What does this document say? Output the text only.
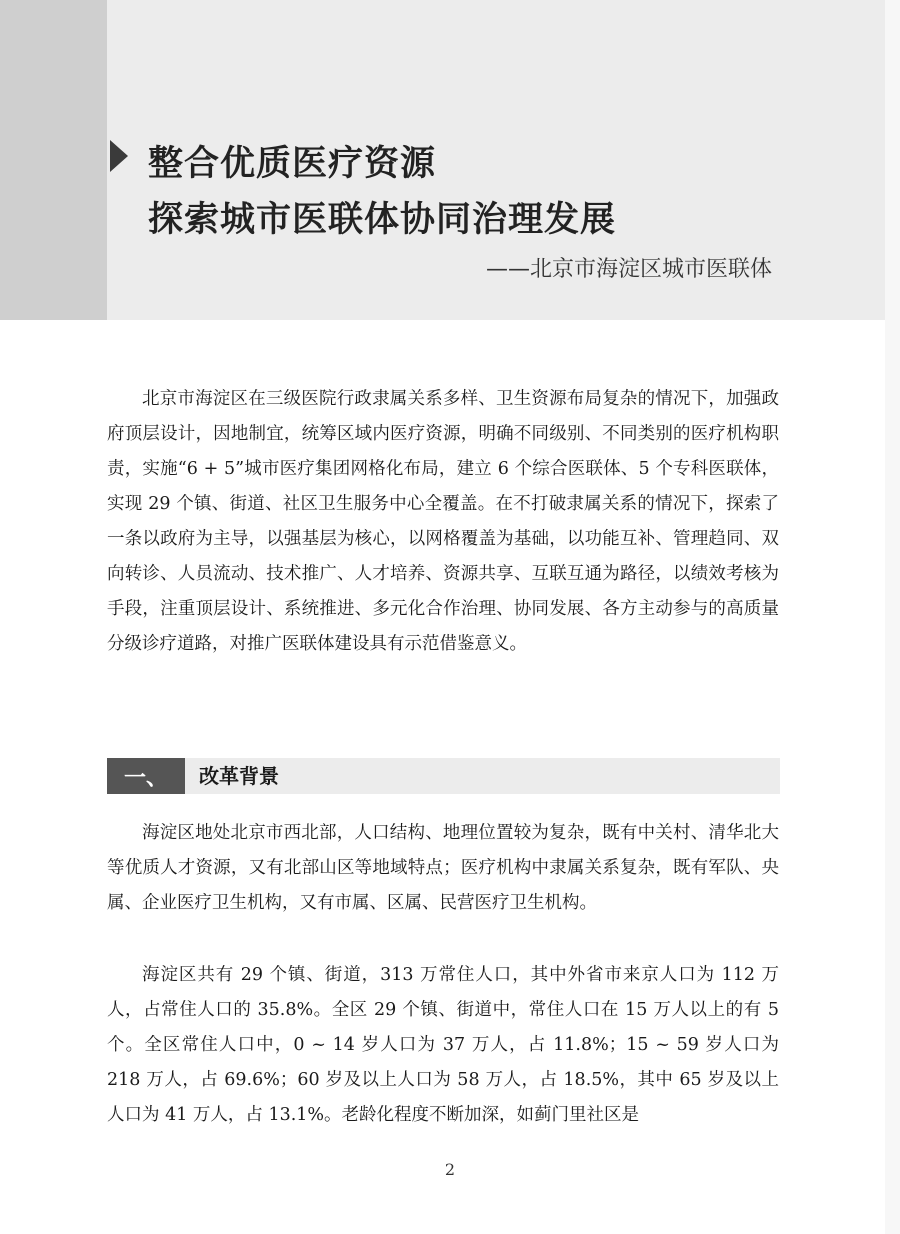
整合优质医疗资源
探索城市医联体协同治理发展
——北京市海淀区城市医联体

北京市海淀区在三级医院行政隶属关系多样、卫生资源布局复杂的情况下，加强政府顶层设计，因地制宜，统筹区域内医疗资源，明确不同级别、不同类别的医疗机构职责，实施“6 + 5”城市医疗集团网格化布局，建立 6 个综合医联体、5 个专科医联体，实现 29 个镇、街道、社区卫生服务中心全覆盖。在不打破隶属关系的情况下，探索了一条以政府为主导，以强基层为核心，以网格覆盖为基础，以功能互补、管理趋同、双向转诊、人员流动、技术推广、人才培养、资源共享、互联互通为路径，以绩效考核为手段，注重顶层设计、系统推进、多元化合作治理、协同发展、各方主动参与的高质量分级诊疗道路，对推广医联体建设具有示范借鉴意义。

一、	改革背景

海淀区地处北京市西北部，人口结构、地理位置较为复杂，既有中关村、清华北大等优质人才资源，又有北部山区等地域特点；医疗机构中隶属关系复杂，既有军队、央属、企业医疗卫生机构，又有市属、区属、民营医疗卫生机构。

海淀区共有 29 个镇、街道，313 万常住人口，其中外省市来京人口为 112 万人，占常住人口的 35.8%。全区 29 个镇、街道中，常住人口在 15 万人以上的有 5 个。全区常住人口中，0 ~ 14 岁人口为 37 万人，占 11.8%；15 ~ 59 岁人口为 218 万人，占 69.6%；60 岁及以上人口为 58 万人，占 18.5%，其中 65 岁及以上人口为 41 万人，占 13.1%。老龄化程度不断加深，如蓟门里社区是

2
